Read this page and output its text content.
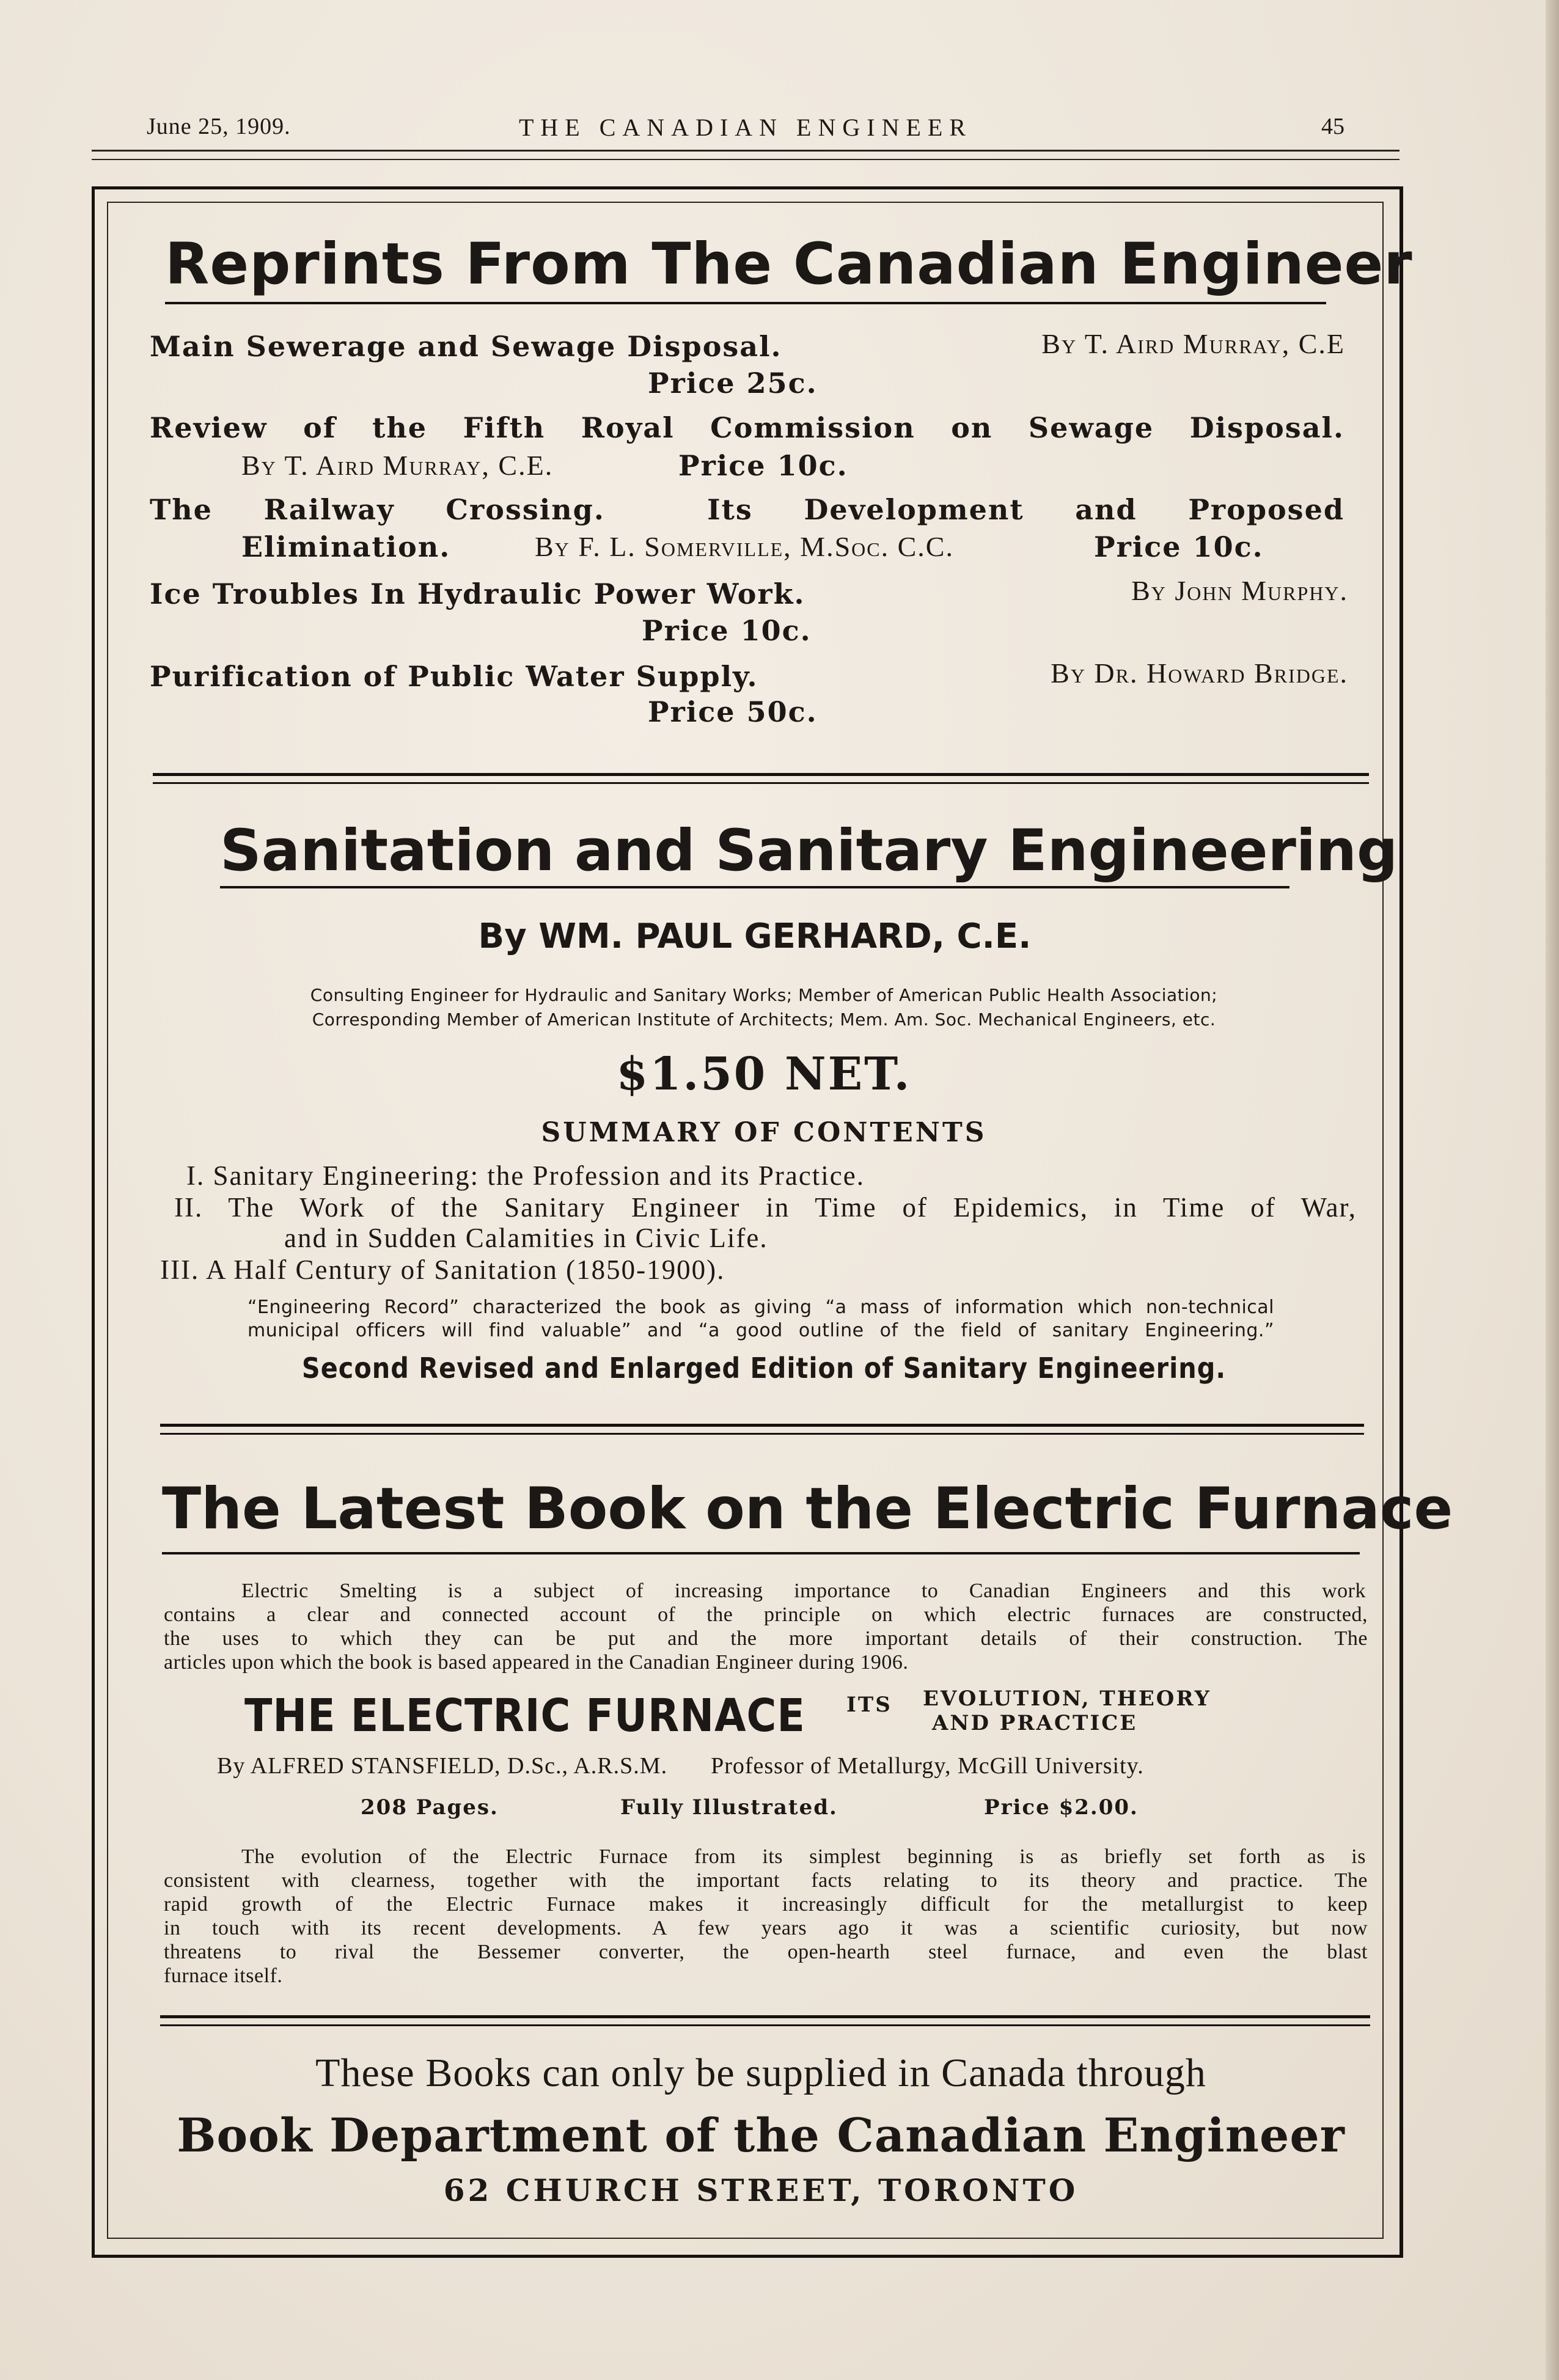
June 25, 1909.	THE CANADIAN ENGINEER	45
Reprints From The Canadian Engineer
Main Sewerage and Sewage Disposal.	By T. Aird Murray, C.E
Price 25c.
Review of the Fifth Royal Commission on Sewage Disposal.
By T. Aird Murray, C.E.	Price 10c.
The Railway Crossing.  Its Development and Proposed
Elimination.	By F. L. Somerville, M.Soc. C.C.	Price 10c.
Ice Troubles In Hydraulic Power Work.	By John Murphy.
Price 10c.
Purification of Public Water Supply.	By Dr. Howard Bridge.
Price 50c.
Sanitation and Sanitary Engineering
By WM. PAUL GERHARD, C.E.
Consulting Engineer for Hydraulic and Sanitary Works; Member of American Public Health Association;
Corresponding Member of American Institute of Architects; Mem. Am. Soc. Mechanical Engineers, etc.
$1.50 NET.
SUMMARY OF CONTENTS
I. Sanitary Engineering: the Profession and its Practice.
II. The Work of the Sanitary Engineer in Time of Epidemics, in Time of War,
and in Sudden Calamities in Civic Life.
III. A Half Century of Sanitation (1850-1900).
“Engineering Record” characterized the book as giving “a mass of information which non-technical
municipal officers will find valuable” and “a good outline of the field of sanitary Engineering.”
Second Revised and Enlarged Edition of Sanitary Engineering.
The Latest Book on the Electric Furnace
Electric Smelting is a subject of increasing importance to Canadian Engineers and this work
contains a clear and connected account of the principle on which electric furnaces are constructed,
the uses to which they can be put and the more important details of their construction. The
articles upon which the book is based appeared in the Canadian Engineer during 1906.
THE ELECTRIC FURNACE ITS EVOLUTION, THEORY
AND PRACTICE
By ALFRED STANSFIELD, D.Sc., A.R.S.M. Professor of Metallurgy, McGill University.
208 Pages.	Fully Illustrated.	Price $2.00.
The evolution of the Electric Furnace from its simplest beginning is as briefly set forth as is
consistent with clearness, together with the important facts relating to its theory and practice. The
rapid growth of the Electric Furnace makes it increasingly difficult for the metallurgist to keep
in touch with its recent developments. A few years ago it was a scientific curiosity, but now
threatens to rival the Bessemer converter, the open-hearth steel furnace, and even the blast
furnace itself.
These Books can only be supplied in Canada through
Book Department of the Canadian Engineer
62 CHURCH STREET, TORONTO
